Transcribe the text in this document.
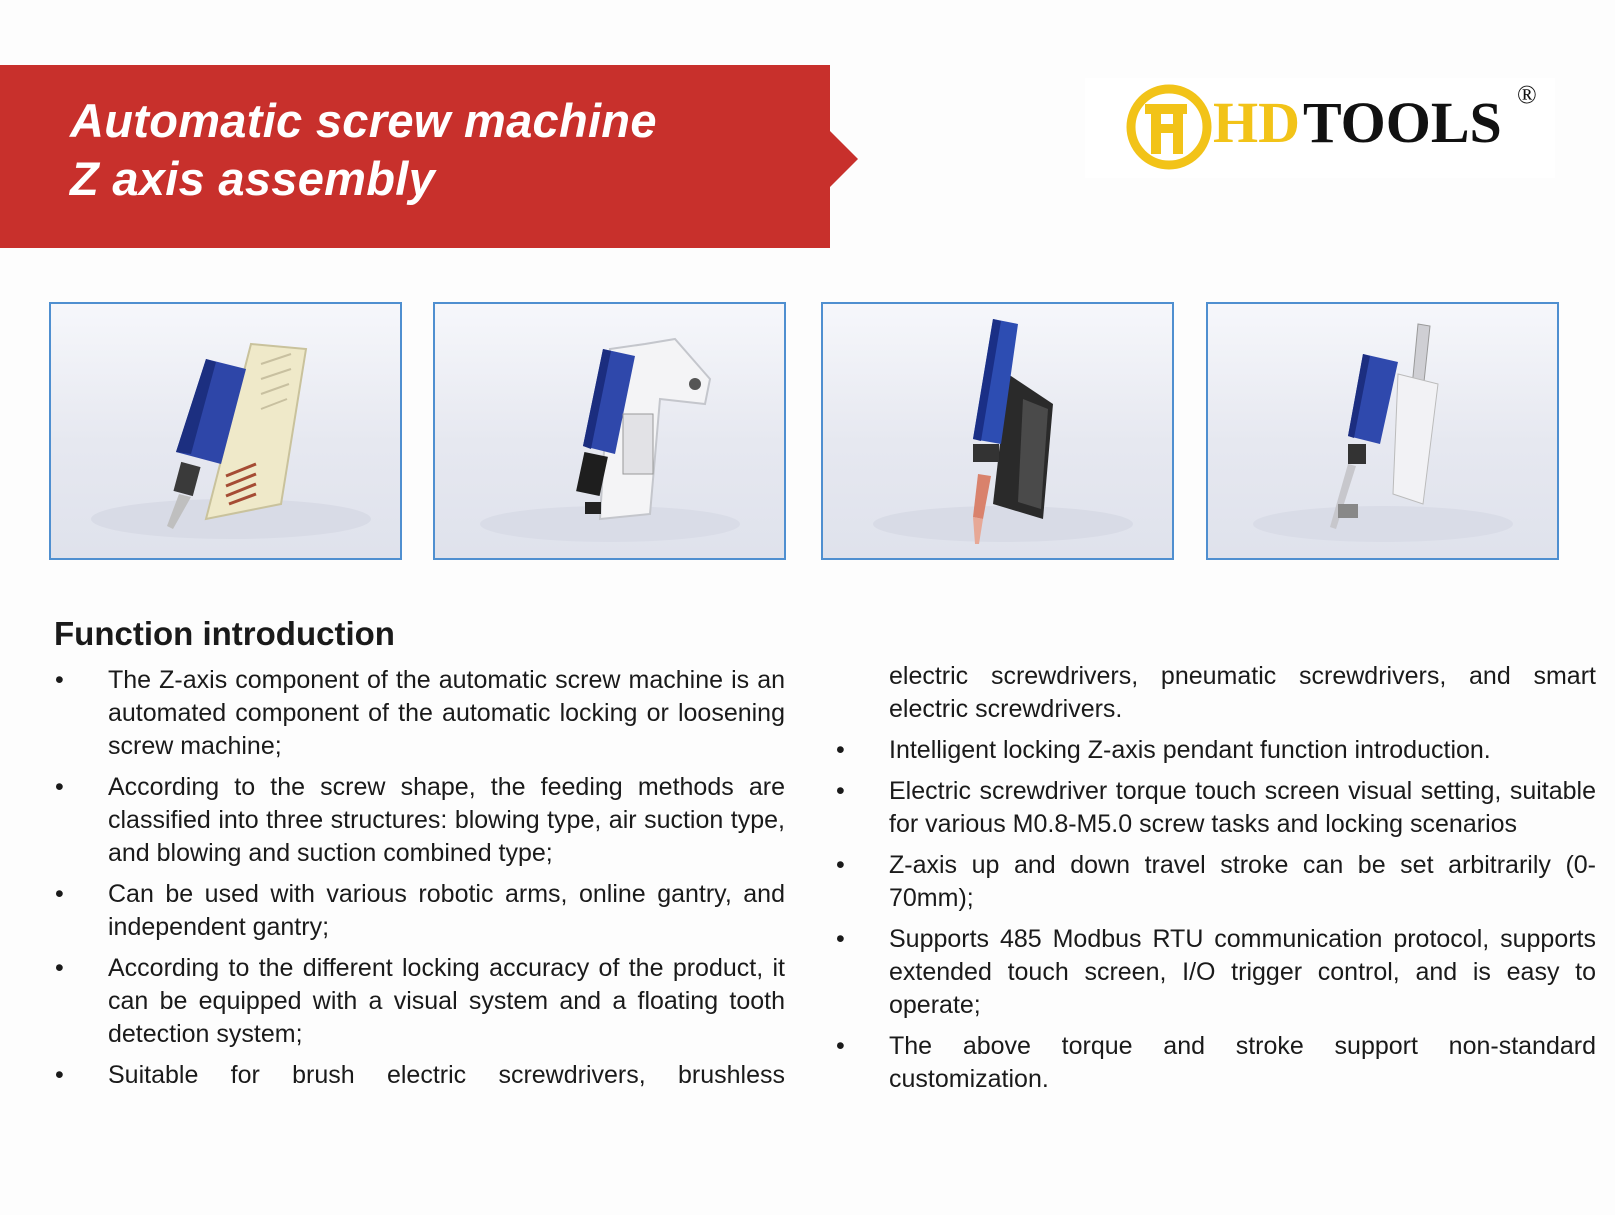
Automatic screw machine
Z axis assembly
HD TOOLS ®
Function introduction
•	The Z-axis component of the automatic screw machine is an automated component of the automatic locking or loosening screw machine;
•	According to the screw shape, the feeding methods are classified into three structures: blowing type, air suction type, and blowing and suction combined type;
•	Can be used with various robotic arms, online gantry, and independent gantry;
•	According to the different locking accuracy of the product, it can be equipped with a visual system and a floating tooth detection system;
•	Suitable for brush electric screwdrivers, brushless
electric screwdrivers, pneumatic screwdrivers, and smart electric screwdrivers.
•	Intelligent locking Z-axis pendant function introduction.
•	Electric screwdriver torque touch screen visual setting, suitable for various M0.8-M5.0 screw tasks and locking scenarios
•	Z-axis up and down travel stroke can be set arbitrarily (0-70mm);
•	Supports 485 Modbus RTU communication protocol, supports extended touch screen, I/O trigger control, and is easy to operate;
•	The above torque and stroke support non-standard customization.
